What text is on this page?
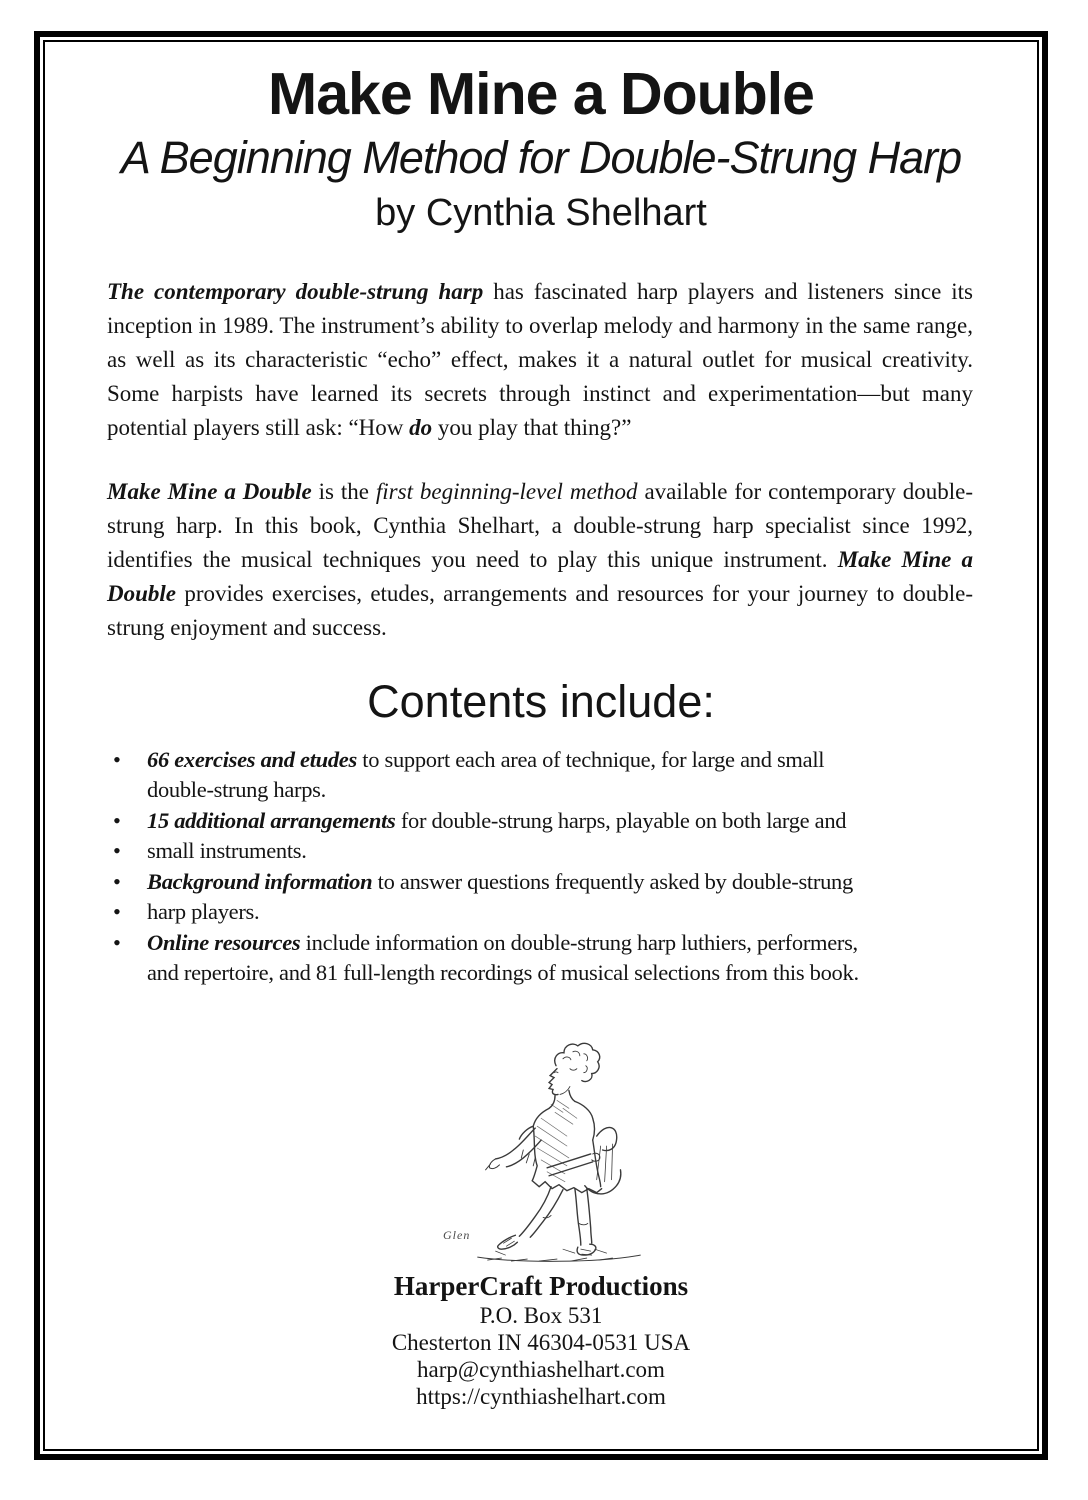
Make Mine a Double
A Beginning Method for Double-Strung Harp
by Cynthia Shelhart

The contemporary double-strung harp has fascinated harp players and listeners since its inception in 1989. The instrument’s ability to overlap melody and harmony in the same range, as well as its characteristic “echo” effect, makes it a natural outlet for musical creativity. Some harpists have learned its secrets through instinct and experimentation—but many potential players still ask: “How do you play that thing?”

Make Mine a Double is the first beginning-level method available for contemporary double-strung harp. In this book, Cynthia Shelhart, a double-strung harp specialist since 1992, identifies the musical techniques you need to play this unique instrument. Make Mine a Double provides exercises, etudes, arrangements and resources for your journey to double-strung enjoyment and success.

Contents include:
•	66 exercises and etudes to support each area of technique, for large and small
double-strung harps.
•	15 additional arrangements for double-strung harps, playable on both large and
•	small instruments.
•	Background information to answer questions frequently asked by double-strung
•	harp players.
•	Online resources include information on double-strung harp luthiers, performers,
and repertoire, and 81 full-length recordings of musical selections from this book.
Glen
HarperCraft Productions
P.O. Box 531
Chesterton IN 46304-0531 USA
harp@cynthiashelhart.com
https://cynthiashelhart.com
